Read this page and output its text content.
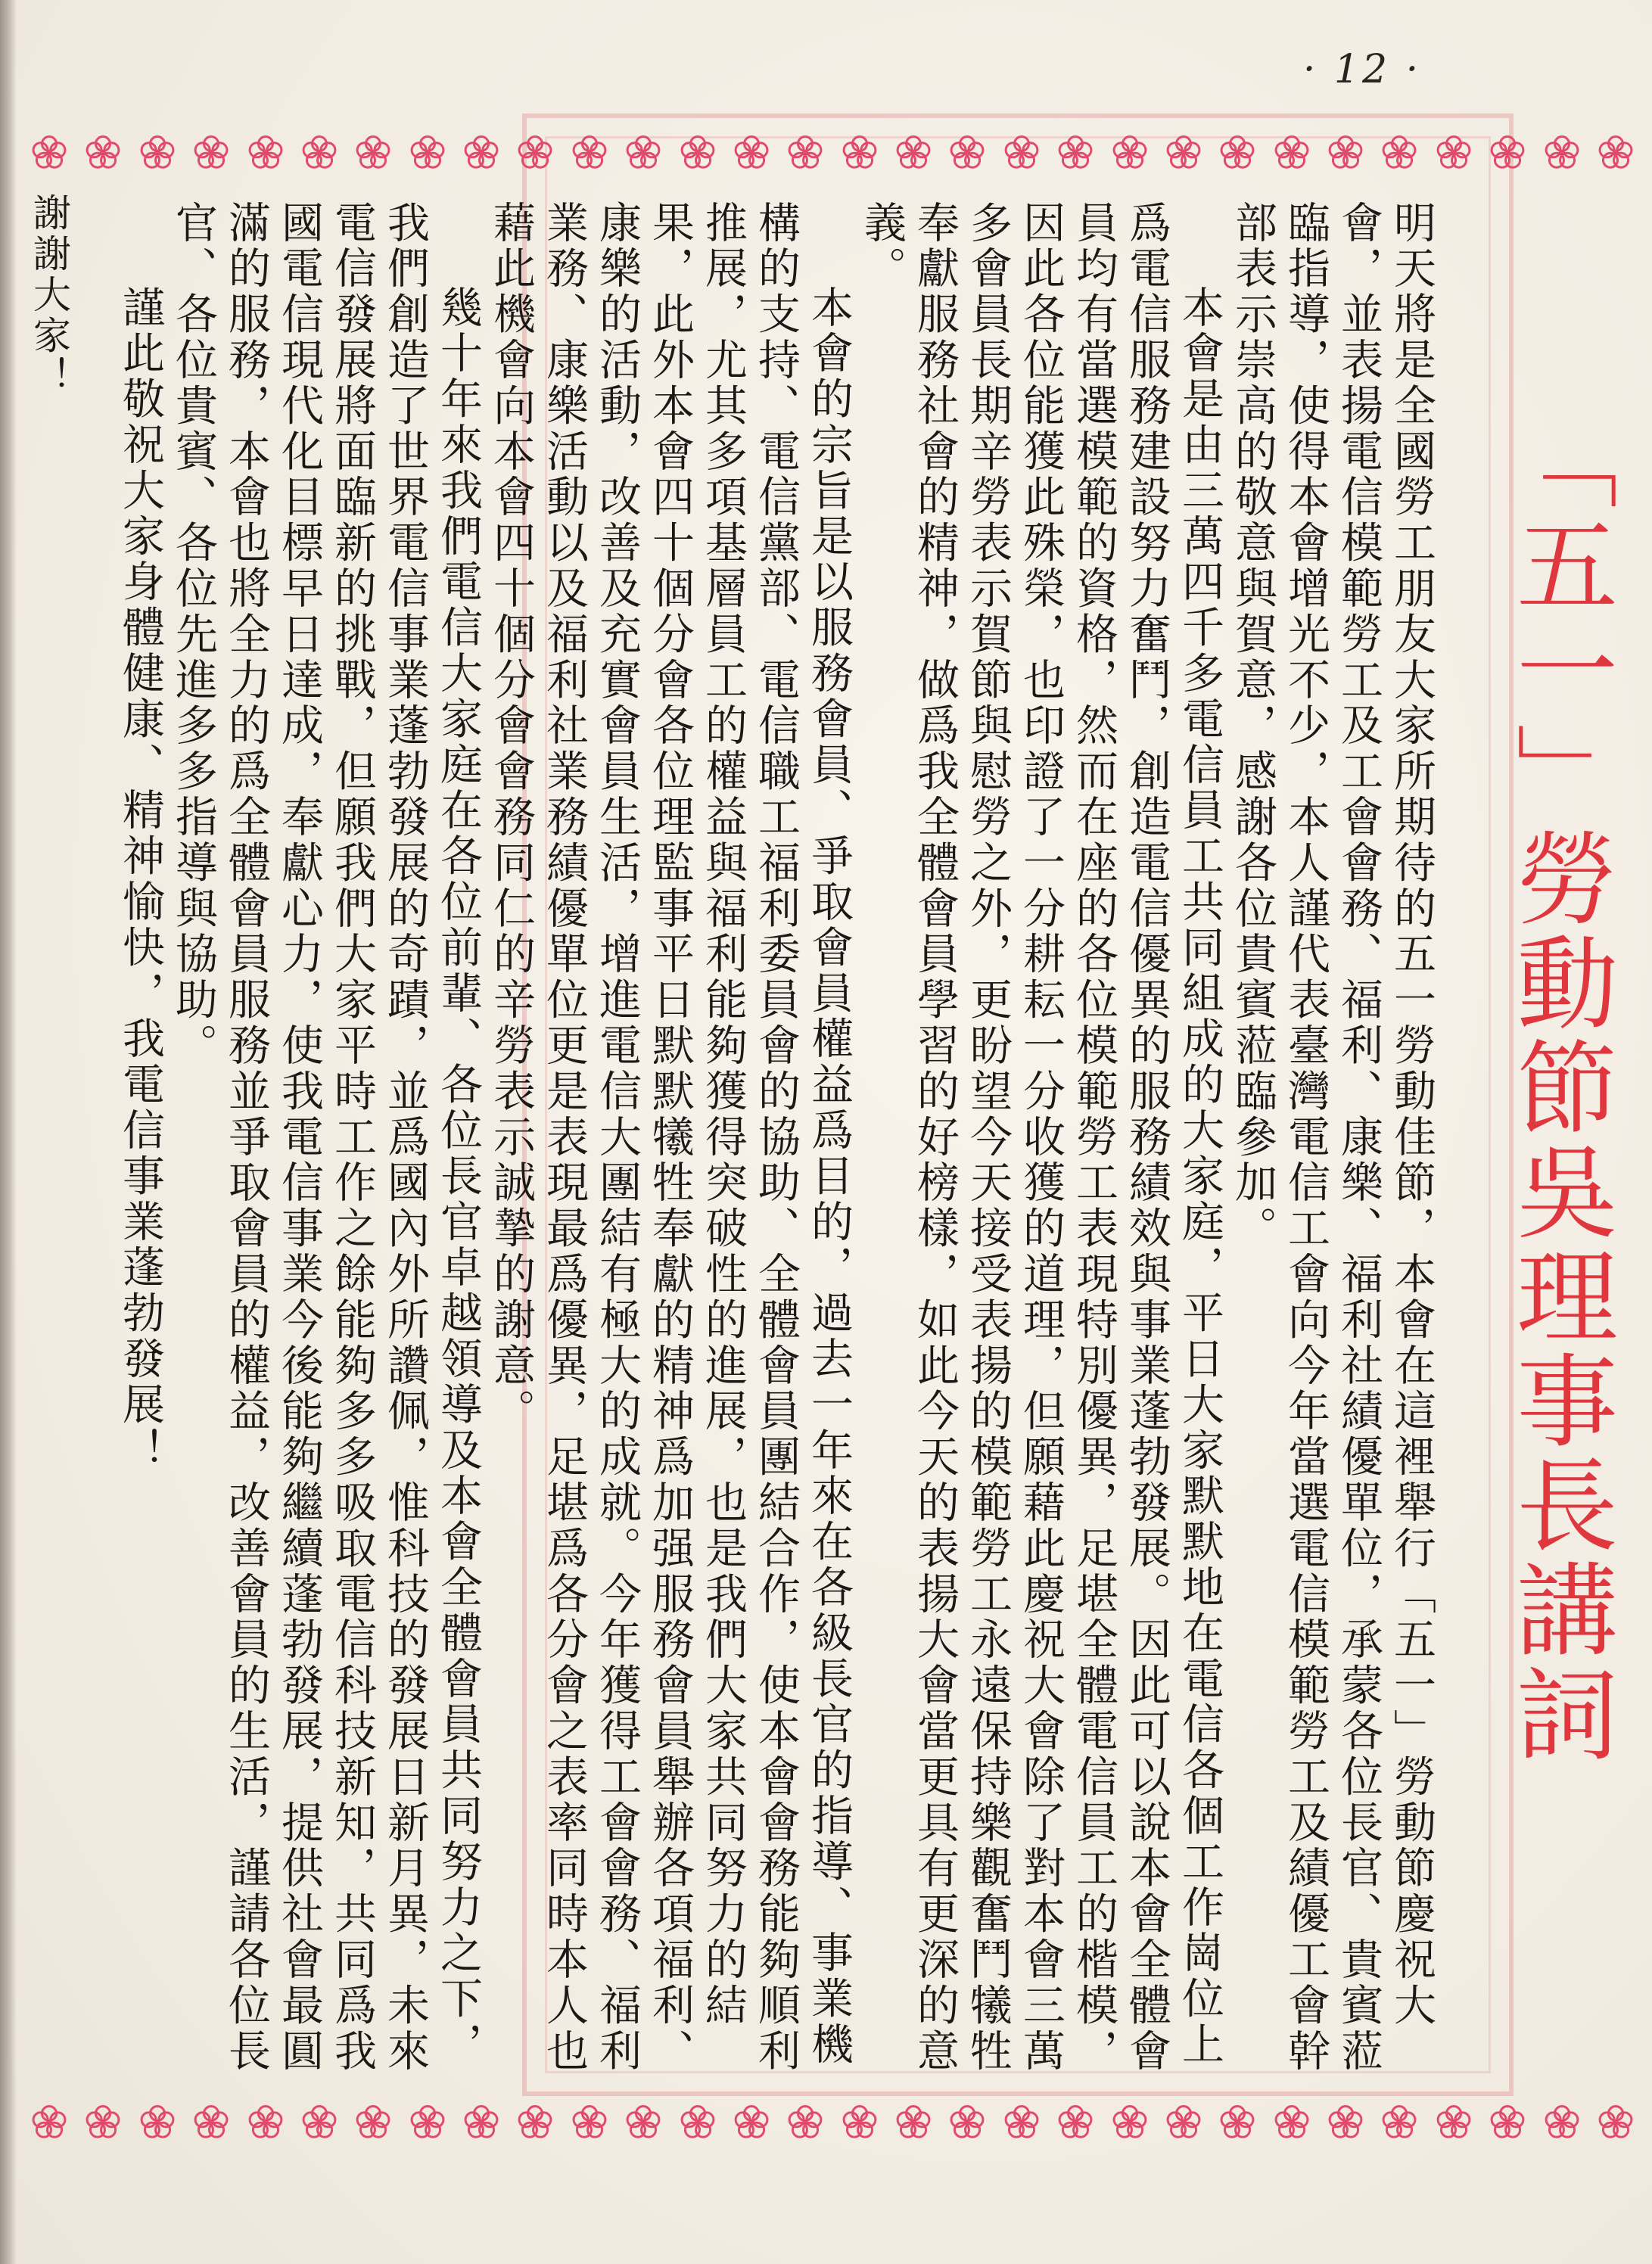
· 12 ·
「五一」勞動節吳理事長講詞

明天將是全國勞工朋友大家所期待的五一勞動佳節，本會在這裡舉行「五一」勞動節慶祝大會，並表揚電信模範勞工及工會會務、福利、康樂、福利社績優單位，承蒙各位長官、貴賓蒞臨指導，使得本會增光不少，本人謹代表臺灣電信工會向今年當選電信模範勞工及績優工會幹部表示崇高的敬意與賀意，感謝各位貴賓蒞臨參加。

本會是由三萬四千多電信員工共同組成的大家庭，平日大家默默地在電信各個工作崗位上爲電信服務建設努力奮鬥，創造電信優異的服務績效與事業蓬勃發展。因此可以說本會全體會員均有當選模範的資格，然而在座的各位模範勞工表現特別優異，足堪全體電信員工的楷模，因此各位能獲此殊榮，也印證了一分耕耘一分收獲的道理，但願藉此慶祝大會除了對本會三萬多會員長期辛勞表示賀節與慰勞之外，更盼望今天接受表揚的模範勞工永遠保持樂觀奮鬥犧牲奉獻服務社會的精神，做爲我全體會員學習的好榜樣，如此今天的表揚大會當更具有更深的意義。

本會的宗旨是以服務會員、爭取會員權益爲目的，過去一年來在各級長官的指導、事業機構的支持、電信黨部、電信職工福利委員會的協助、全體會員團結合作，使本會會務能夠順利推展，尤其多項基層員工的權益與福利能夠獲得突破性的進展，也是我們大家共同努力的結果，此外本會四十個分會各位理監事平日默默犧牲奉獻的精神爲加强服務會員舉辦各項福利、康樂的活動，改善及充實會員生活，增進電信大團結有極大的成就。今年獲得工會會務、福利業務、康樂活動以及福利社業務績優單位更是表現最爲優異，足堪爲各分會之表率同時本人也藉此機會向本會四十個分會會務同仁的辛勞表示誠摯的謝意。

幾十年來我們電信大家庭在各位前輩、各位長官卓越領導及本會全體會員共同努力之下，我們創造了世界電信事業蓬勃發展的奇蹟，並爲國內外所讚佩，惟科技的發展日新月異，未來電信發展將面臨新的挑戰，但願我們大家平時工作之餘能夠多多吸取電信科技新知，共同爲我國電信現代化目標早日達成，奉獻心力，使我電信事業今後能夠繼續蓬勃發展，提供社會最圓滿的服務，本會也將全力的爲全體會員服務並爭取會員的權益，改善會員的生活，謹請各位長官、各位貴賓、各位先進多多指導與協助。

謹此敬祝大家身體健康、精神愉快，我電信事業蓬勃發展！

謝謝大家！
